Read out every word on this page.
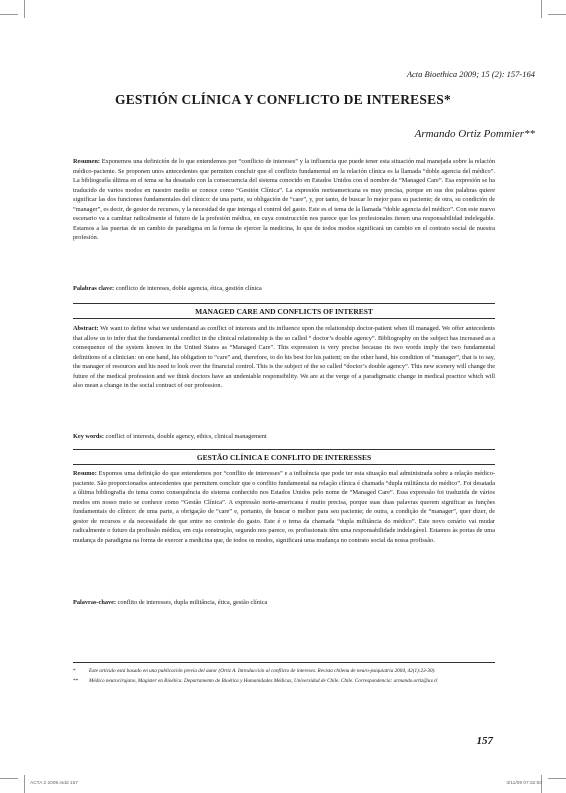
Acta Bioethica 2009; 15 (2): 157-164
GESTIÓN CLÍNICA Y CONFLICTO DE INTERESES*
Armando Ortiz Pommier**
Resumen: Exponemos una definición de lo que entendemos por “conflicto de intereses” y la influencia que puede tener esta situación mal manejada sobre la relación médico-paciente. Se proponen unos antecedentes que permiten concluir que el conflicto fundamental en la relación clínica es la llamada “doble agencia del médico”. La bibliografía última en el tema se ha desatado con la consecuencia del sistema conocido en Estados Unidos con el nombre de “Managed Care”. Esa expresión se ha traducido de varios modos en nuestro medio se conoce como “Gestión Clínica”. La expresión norteamericana es muy precisa, porque en sus dos palabras quiere significar las dos funciones fundamentales del clínico: de una parte, su obligación de “care”, y, por tanto, de buscar lo mejor para su paciente; de otra, su condición de “manager”, es decir, de gestor de recursos, y la necesidad de que intenga el control del gasto. Este es el tema de la llamada “doble agencia del médico”. Con este nuevo escenario va a cambiar radicalmente el futuro de la profesión médica, en cuya construcción nos parece que los profesionales tienen una responsabilidad indelegable. Estamos a las puertas de un cambio de paradigma en la forma de ejercer la medicina, lo que de todos modos significará un cambio en el contrato social de nuestra profesión.
Palabras clave: conflicto de intereses, doble agencia, ética, gestión clínica
MANAGED CARE AND CONFLICTS OF INTEREST
Abstract: We want to define what we understand as conflict of interests and its influence upon the relationship doctor-patient when ill managed. We offer antecedents that allow us to infer that the fundamental conflict in the clinical relationship is the so called “ doctor’s double agency”. Bibliography on the subject has increased as a consequence of the system known in the United States as “Managed Care”. This expression is very precise because its two words imply the two fundamental definitions of a clinician: on one hand, his obligation to “care” and, therefore, to do his best for his patient; on the other hand, his condition of “manager”, that is to say, the manager of resources and his need to look over the financial control. This is the subject of the so called “doctor’s double agency”. This new scenery will change the future of the medical profession and we think doctors have an undeniable responsibility. We are at the verge of a paradigmatic change in medical practice which will also mean a change in the social contract of our profession.
Key words: conflict of interests, double agency, ethics, clinical management
GESTÃO CLÍNICA E CONFLITO DE INTERESSES
Resumo: Expomos uma definição do que entendemos por “conflito de interesses” e a influência que pode ter esta situação mal administrada sobre a relação médico-paciente. São proporcionados antecedentes que permitem concluir que o conflito fundamental na relação clínica é chamada “dupla militância do médico”. Foi desatada a última bibliografia do tema como consequência do sistema conhecido nos Estados Unidos pelo nome de “Managed Care”. Essa expressão foi traduzida de vários modos em nosso meio se conhece como “Gestão Clínica”. A expressão norte-americana é muito precisa, porque suas duas palavras querem significar as funções fundamentais do clínico: de uma parte, a obrigação de “care” e, portanto, de buscar o melhor para seu paciente; de outra, a condição de “manager”, quer dizer, de gestor de recursos e da necessidade de que entre no controle do gasto. Este é o tema da chamada “dupla militância do médico”. Este novo cenário vai mudar radicalmente o futuro da profissão médica, em cuja construção, segundo nos parece, os profissionais têm uma responsabilidade indelegável. Estamos às portas de uma mudança de paradigma na forma de exercer a medicina que, de todos os modos, significará uma mudança no contrato social da nossa profissão.
Palavras-chave: conflito de interesses, dupla militância, ética, gestão clínica
*	Este artículo está basado en una publicación previa del autor (Ortiz A. Introducción al conflicto de intereses. Revista chilena de neuro-psiquiatría 2004, 42(1):23-30).
**	Médico neurocirujano, Magíster en Bioética. Departamento de Bioética y Humanidades Médicas, Universidad de Chile. Chile. Correspondencia: armando.ortiz@uv.cl
157
ACTA 2 2009.indd 157	3/11/09 07:32:50
